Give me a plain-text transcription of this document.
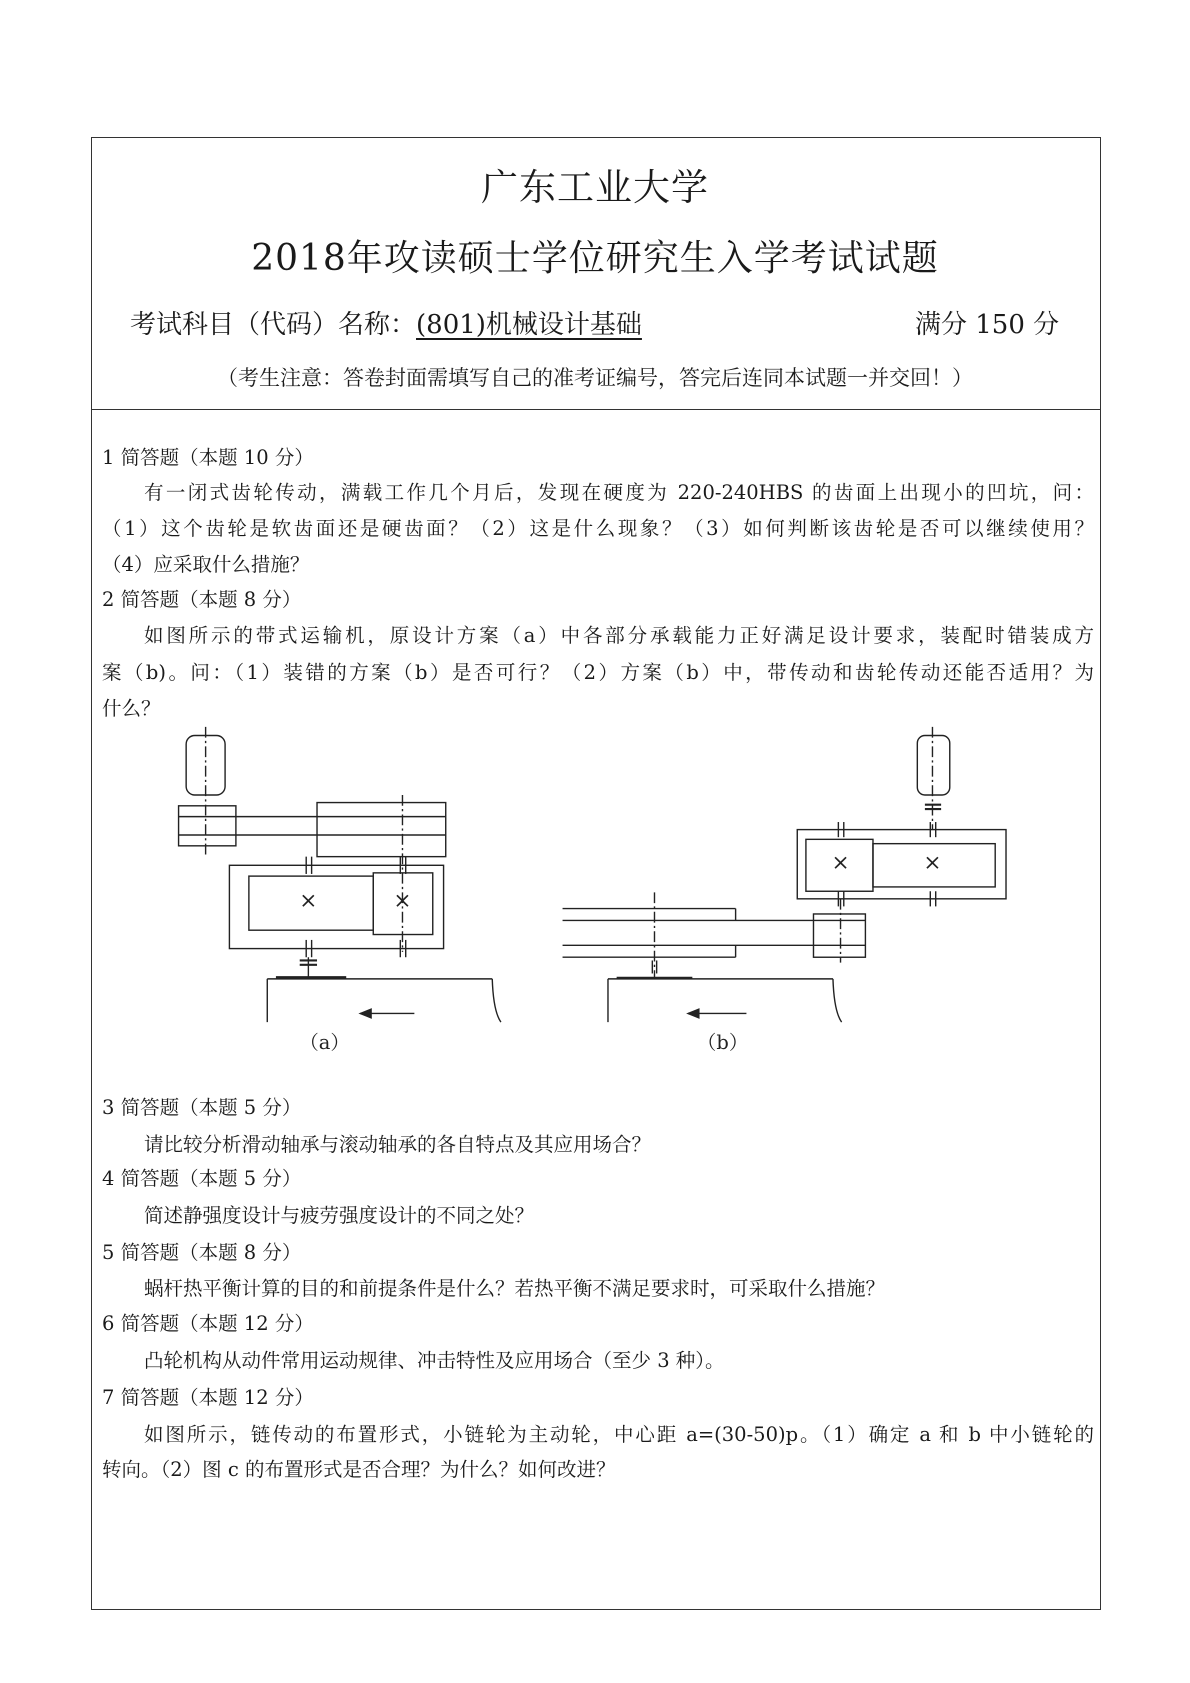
广东工业大学
2018年攻读硕士学位研究生入学考试试题
考试科目（代码）名称：(801)机械设计基础	满分 150 分
（考生注意：答卷封面需填写自己的准考证编号，答完后连同本试题一并交回！）
1 简答题（本题 10 分）
有一闭式齿轮传动，满载工作几个月后，发现在硬度为 220-240HBS 的齿面上出现小的凹坑，问：
（1）这个齿轮是软齿面还是硬齿面？（2）这是什么现象？（3）如何判断该齿轮是否可以继续使用？
（4）应采取什么措施？
2 简答题（本题 8 分）
如图所示的带式运输机，原设计方案（a）中各部分承载能力正好满足设计要求，装配时错装成方
案（b)。问：（1）装错的方案（b）是否可行？（2）方案（b）中，带传动和齿轮传动还能否适用？为
什么？
×	×
×	×
（a）	（b）
3 简答题（本题 5 分）
请比较分析滑动轴承与滚动轴承的各自特点及其应用场合？
4 简答题（本题 5 分）
简述静强度设计与疲劳强度设计的不同之处？
5 简答题（本题 8 分）
蜗杆热平衡计算的目的和前提条件是什么？若热平衡不满足要求时，可采取什么措施？
6 简答题（本题 12 分）
凸轮机构从动件常用运动规律、冲击特性及应用场合（至少 3 种）。
7 简答题（本题 12 分）
如图所示，链传动的布置形式，小链轮为主动轮，中心距 a=(30-50)p。（1）确定 a 和 b 中小链轮的
转向。（2）图 c 的布置形式是否合理？为什么？如何改进？
